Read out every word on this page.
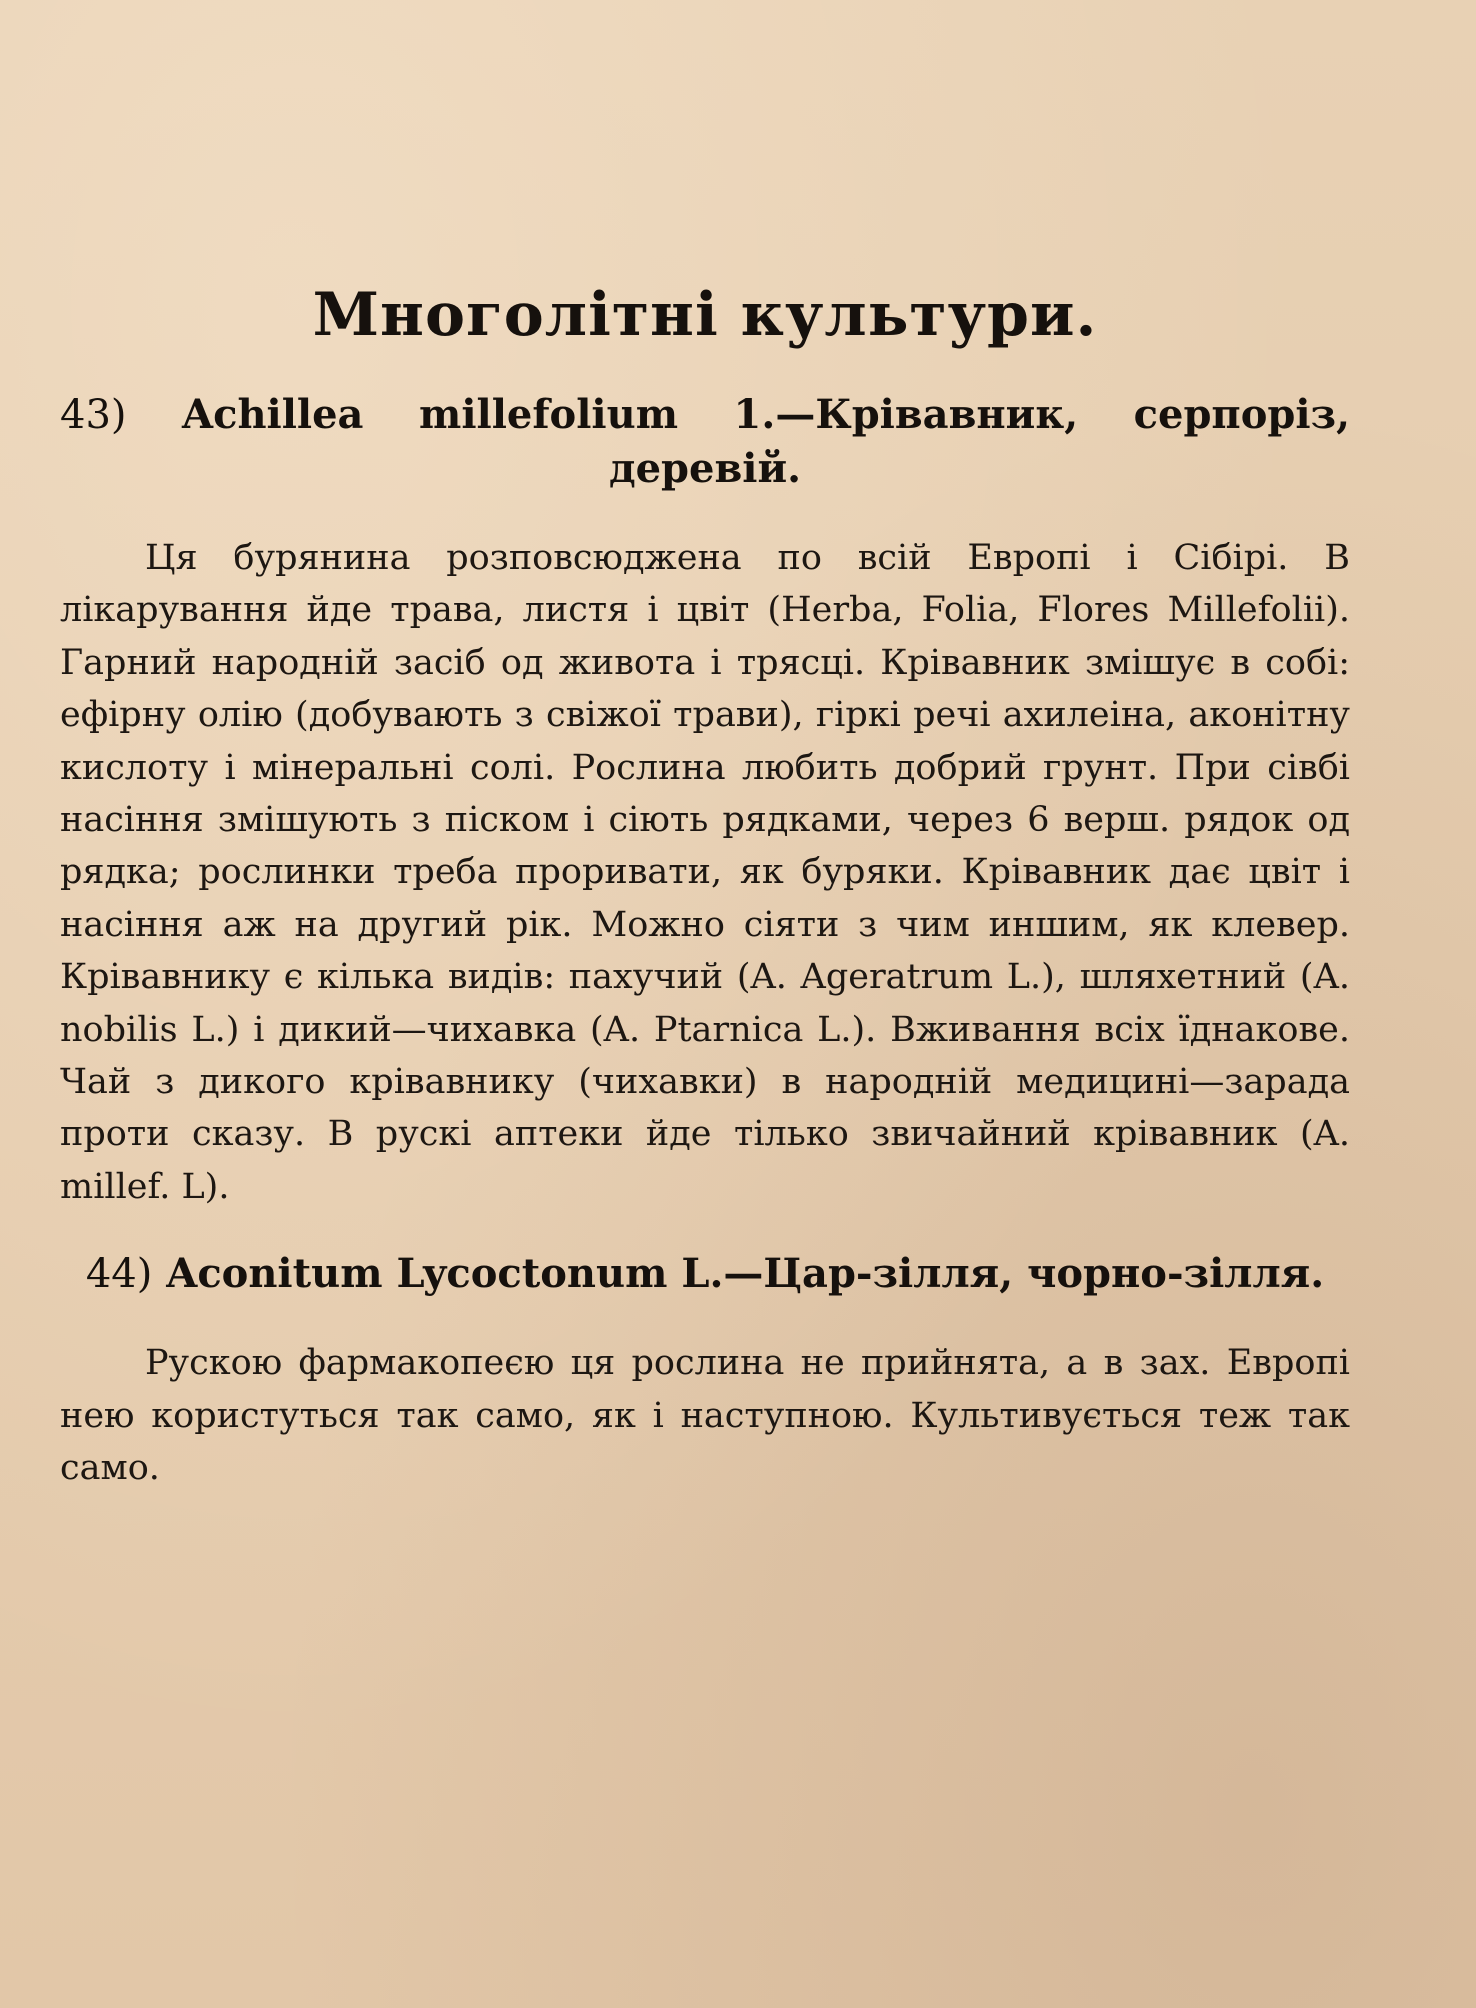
Многолітні культури.

43) Achillea millefolium 1.—Крівавник, серпоріз, деревій.

Ця бурянина розповсюджена по всій Европі і Сібірі. В лікарування йде трава, листя і цвіт (Herba, Folia, Flores Millefolii). Гарний народній засіб од живота і трясці. Крівавник змішує в собі: ефірну олію (добувають з свіжої трави), гіркі речі ахилеіна, аконітну кислоту і мінеральні солі. Рослина любить добрий грунт. При сівбі насіння змішують з піском і сіють рядками, через 6 верш. рядок од рядка; рослинки треба проривати, як буряки. Крівавник дає цвіт і насіння аж на другий рік. Можно сіяти з чим иншим, як клевер. Крівавнику є кілька видів: пахучий (A. Ageratrum L.), шляхетний (A. nobilis L.) і дикий—чихавка (A. Ptarnica L.). Вживання всіх їднакове. Чай з дикого крівавнику (чихавки) в народній медицині—зарада проти сказу. В рускі аптеки йде тілько звичайний крівавник (A. millef. L).

44) Aconitum Lycoctonum L.—Цар-зілля, чорно-зілля.

Рускою фармакопеєю ця рослина не прийнята, а в зах. Европі нею користуться так само, як і наступною. Культивується теж так само.
